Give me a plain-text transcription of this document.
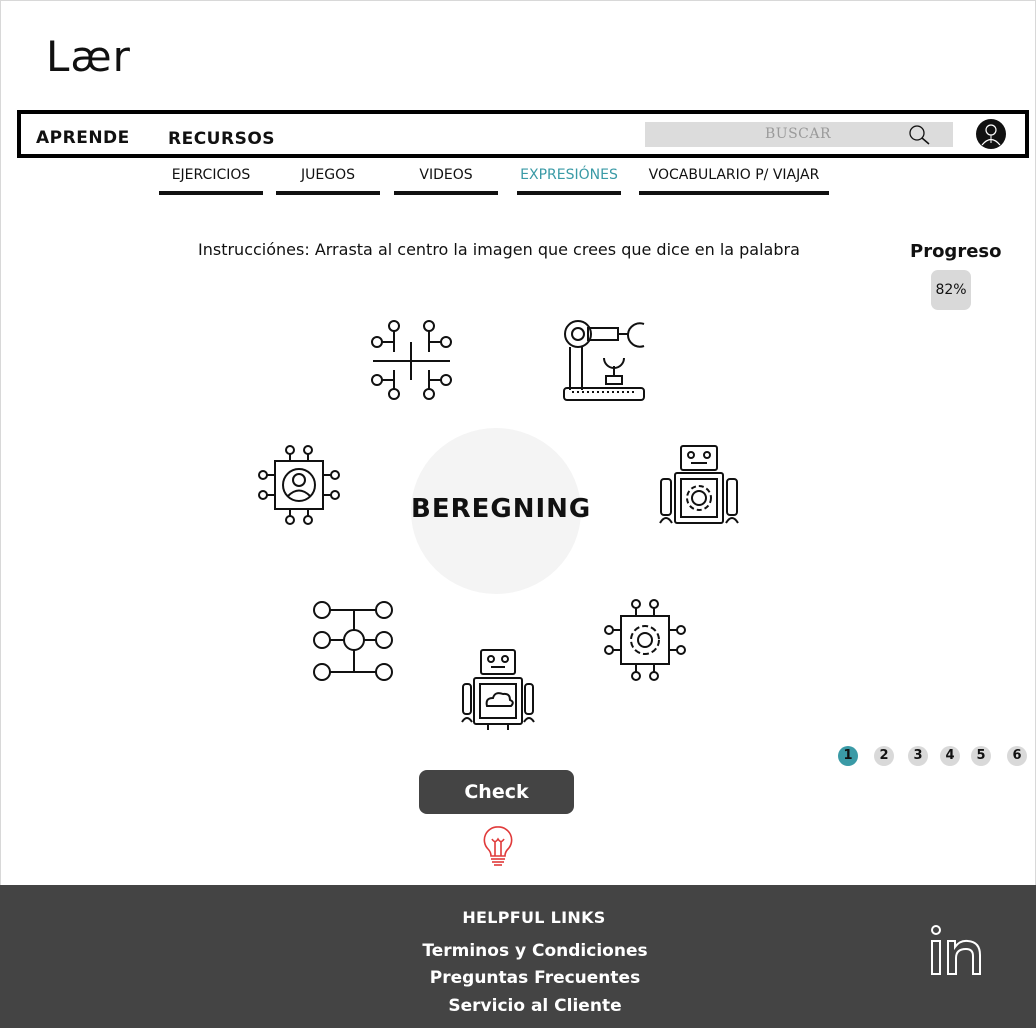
Lær
APRENDE RECURSOS	BUSCAR
EJERCICIOS	JUEGOS	VIDEOS	EXPRESIÓNES	VOCABULARIO P/ VIAJAR
Instrucciónes: Arrasta al centro la imagen que crees que dice en la palabra	Progreso
82%
BEREGNING
1	2	3	4	5	6
Check
HELPFUL LINKS
Terminos y Condiciones
Preguntas Frecuentes
Servicio al Cliente
